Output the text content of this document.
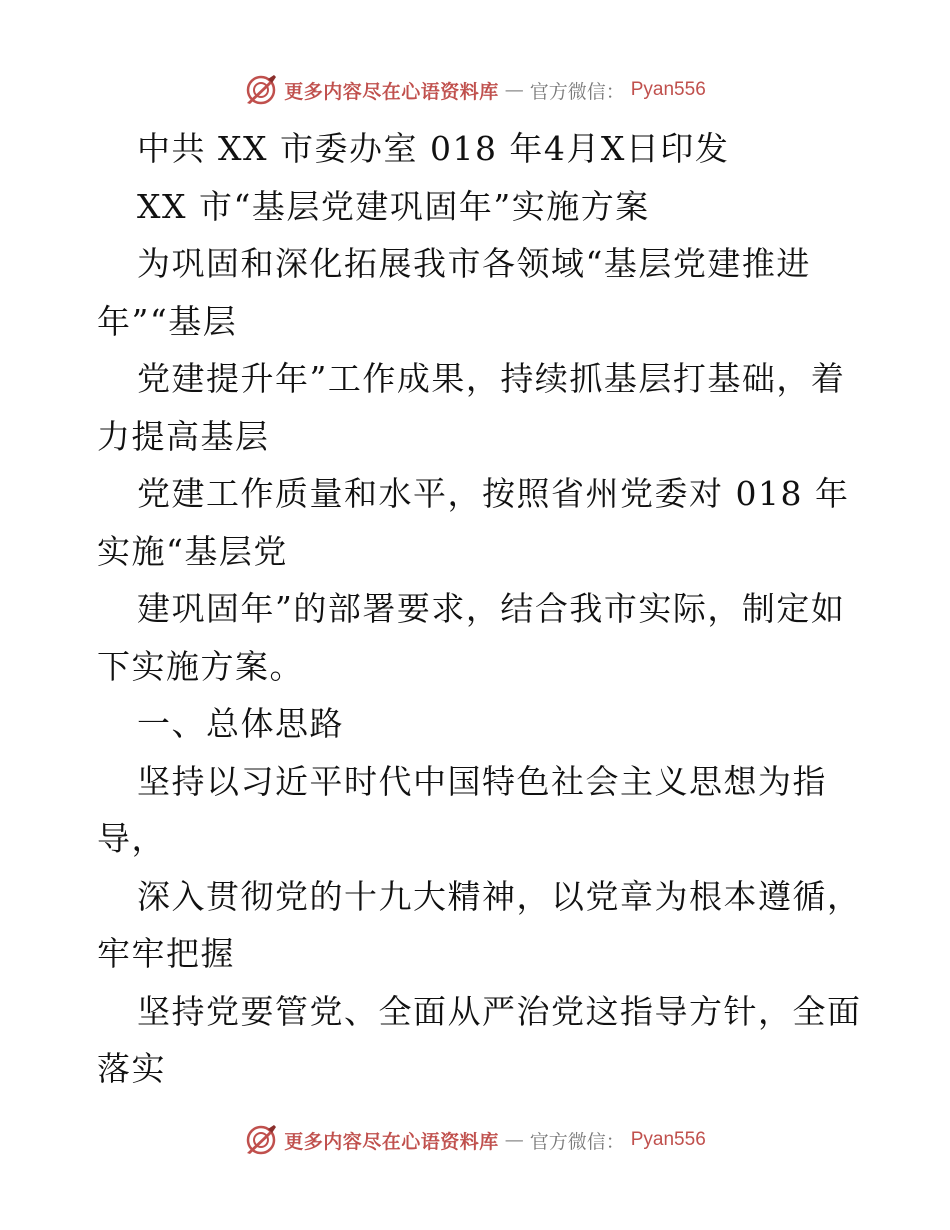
更多内容尽在心语资料库 — 官方微信： Pyan556
中共 XX 市委办室 018 年4月X日印发
XX 市“基层党建巩固年”实施方案
为巩固和深化拓展我市各领域“基层党建推进
年”“基层
党建提升年”工作成果，持续抓基层打基础，着
力提高基层
党建工作质量和水平，按照省州党委对 018 年
实施“基层党
建巩固年”的部署要求，结合我市实际，制定如
下实施方案。
一、总体思路
坚持以习近平时代中国特色社会主义思想为指
导，
深入贯彻党的十九大精神，以党章为根本遵循，
牢牢把握
坚持党要管党、全面从严治党这指导方针，全面
落实
更多内容尽在心语资料库 — 官方微信： Pyan556
